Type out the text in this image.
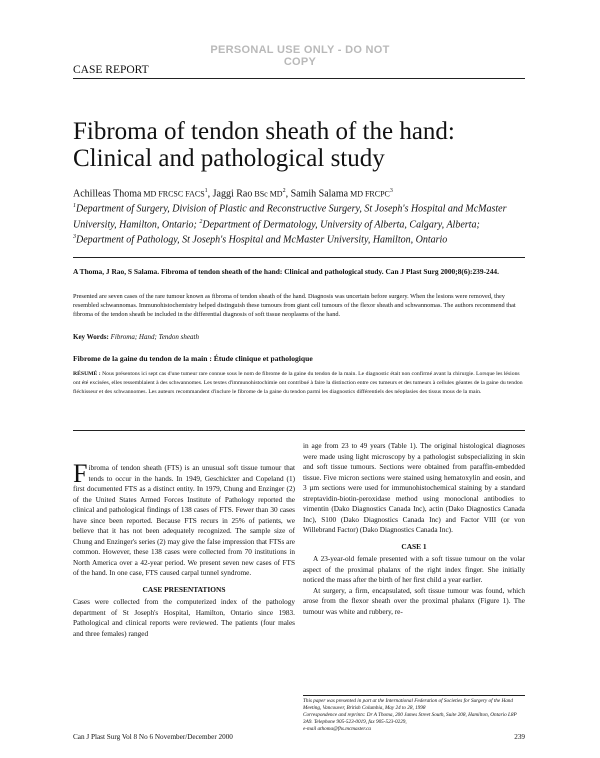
PERSONAL USE ONLY - DO NOT COPY
CASE REPORT
Fibroma of tendon sheath of the hand:
Clinical and pathological study
Achilleas Thoma MD FRCSC FACS$^1$, Jaggi Rao BSc $MD^2$, Samih Salama MD FRCPC$^3$
$^1$Department of Surgery, Division of Plastic and Reconstructive Surgery, St Joseph's Hospital and McMaster University, Hamilton, Ontario; $^2$Department of Dermatology, University of Alberta, Calgary, Alberta; $^3$Department of Pathology, St Joseph's Hospital and McMaster University, Hamilton, Ontario
A Thoma, J Rao, S Salama. Fibroma of tendon sheath of the hand: Clinical and pathological study. Can J Plast Surg 2000;8(6):239-244.
Presented are seven cases of the rare tumour known as fibroma of tendon sheath of the hand. Diagnosis was uncertain before surgery. When the lesions were removed, they resembled schwannomas. Immunohistochemistry helped distinguish these tumours from giant cell tumours of the flexor sheath and schwannomas. The authors recommend that fibroma of the tendon sheath be included in the differential diagnosis of soft tissue neoplasms of the hand.
Key Words: Fibroma; Hand; Tendon sheath
Fibrome de la gaine du tendon de la main : Étude clinique et pathologique
RÉSUMÉ : Nous présentons ici sept cas d'une tumeur rare connue sous le nom de fibrome de la gaine du tendon de la main. Le diagnostic était non confirmé avant la chirurgie. Lorsque les lésions ont été excisées, elles ressemblaient à des schwannomes. Les textes d'immunohistochimie ont contribué à faire la distinction entre ces tumeurs et des tumeurs à cellules géantes de la gaine du tendon fléchisseur et des schwannomes. Les auteurs recommandent d'inclure le fibrome de la gaine du tendon parmi les diagnostics différentiels des néoplasies des tissus mous de la main.

Fibroma of tendon sheath (FTS) is an unusual soft tissue tumour that tends to occur in the hands. In 1949, Geschickter and Copeland (1) first documented FTS as a distinct entity. In 1979, Chung and Enzinger (2) of the United States Armed Forces Institute of Pathology reported the clinical and pathological findings of 138 cases of FTS. Fewer than 30 cases have since been reported. Because FTS recurs in 25% of patients, we believe that it has not been adequately recognized. The sample size of Chung and Enzinger's series (2) may give the false impression that FTSs are common. However, these 138 cases were collected from 70 institutions in North America over a 42-year period. We present seven new cases of FTS of the hand. In one case, FTS caused carpal tunnel syndrome.

CASE PRESENTATIONS

Cases were collected from the computerized index of the pathology department of St Joseph's Hospital, Hamilton, Ontario since 1983. Pathological and clinical reports were reviewed. The patients (four males and three females) ranged

in age from 23 to 49 years (Table 1). The original histological diagnoses were made using light microscopy by a pathologist subspecializing in skin and soft tissue tumours. Sections were obtained from paraffin-embedded tissue. Five micron sections were stained using hematoxylin and eosin, and 3 µm sections were used for immunohistochemical staining by a standard streptavidin-biotin-peroxidase method using monoclonal antibodies to vimentin (Dako Diagnostics Canada Inc), actin (Dako Diagnostics Canada Inc), S100 (Dako Diagnostics Canada Inc) and Factor VIII (or von Willebrand Factor) (Dako Diagnostics Canada Inc).

CASE 1

A 23-year-old female presented with a soft tissue tumour on the volar aspect of the proximal phalanx of the right index finger. She initially noticed the mass after the birth of her first child a year earlier.

At surgery, a firm, encapsulated, soft tissue tumour was found, which arose from the flexor sheath over the proximal phalanx (Figure 1). The tumour was white and rubbery, re-

This paper was presented in part at the International Federation of Societies for Surgery of the Hand Meeting, Vancouver, British Columbia, May 24 to 28, 1998
Correspondence and reprints: Dr A Thoma, 200 James Street South, Suite 208, Hamilton, Ontario L8P 3A9. Telephone 905-523-0019, fax 905-523-0229,
e-mail athoma@fhs.mcmaster.ca
Can J Plast Surg Vol 8 No 6 November/December 2000	239
